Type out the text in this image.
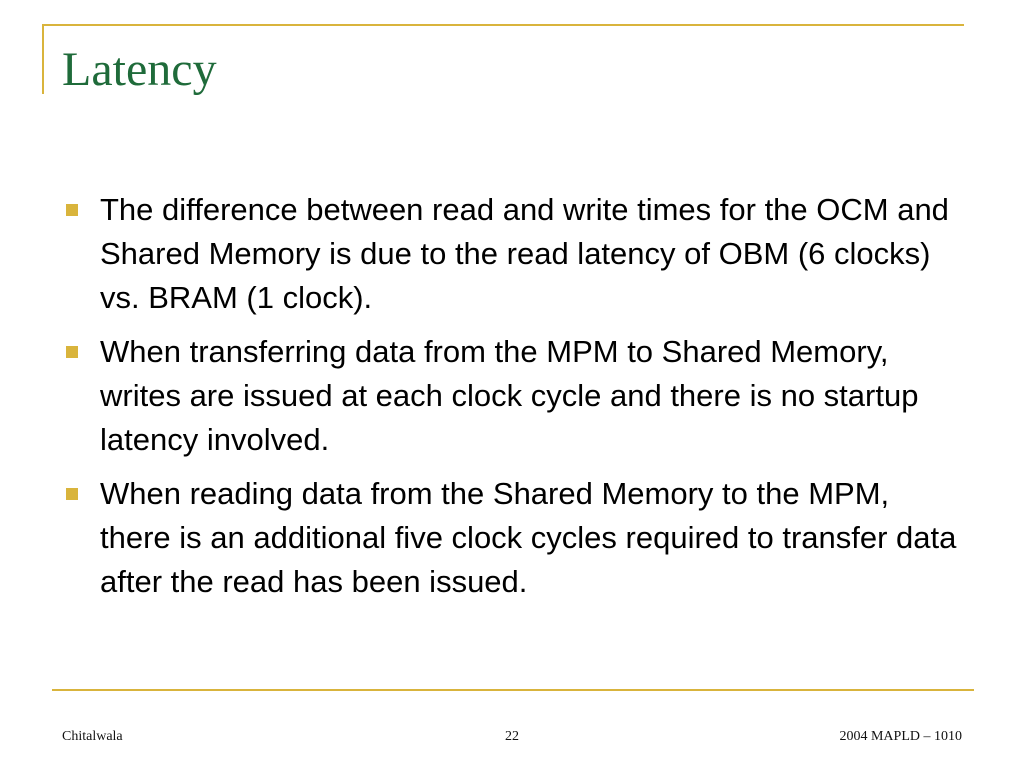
Latency
The difference between read and write times for the OCM and Shared Memory is due to the read latency of OBM (6 clocks) vs. BRAM (1 clock).
When transferring data from the MPM to Shared Memory, writes are issued at each clock cycle and there is no startup latency involved.
When reading data from the Shared Memory to the MPM, there is an additional five clock cycles required to transfer data after the read has been issued.
Chitalwala	22	2004 MAPLD – 1010
